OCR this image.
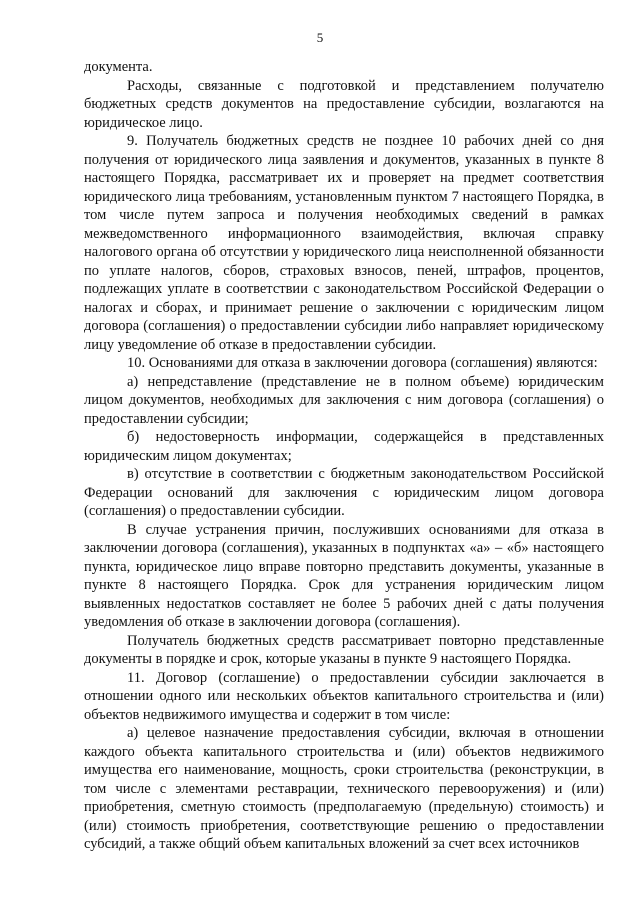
5

документа.

Расходы, связанные с подготовкой и представлением получателю бюджетных средств документов на предоставление субсидии, возлагаются на юридическое лицо.

9. Получатель бюджетных средств не позднее 10 рабочих дней со дня получения от юридического лица заявления и документов, указанных в пункте 8 настоящего Порядка, рассматривает их и проверяет на предмет соответствия юридического лица требованиям, установленным пунктом 7 настоящего Порядка, в том числе путем запроса и получения необходимых сведений в рамках межведомственного информационного взаимодействия, включая справку налогового органа об отсутствии у юридического лица неисполненной обязанности по уплате налогов, сборов, страховых взносов, пеней, штрафов, процентов, подлежащих уплате в соответствии с законодательством Российской Федерации о налогах и сборах, и принимает решение о заключении с юридическим лицом договора (соглашения) о предоставлении субсидии либо направляет юридическому лицу уведомление об отказе в предоставлении субсидии.

10. Основаниями для отказа в заключении договора (соглашения) являются:

а) непредставление (представление не в полном объеме) юридическим лицом документов, необходимых для заключения с ним договора (соглашения) о предоставлении субсидии;

б) недостоверность информации, содержащейся в представленных юридическим лицом документах;

в) отсутствие в соответствии с бюджетным законодательством Российской Федерации оснований для заключения с юридическим лицом договора (соглашения) о предоставлении субсидии.

В случае устранения причин, послуживших основаниями для отказа в заключении договора (соглашения), указанных в подпунктах «а» – «б» настоящего пункта, юридическое лицо вправе повторно представить документы, указанные в пункте 8 настоящего Порядка. Срок для устранения юридическим лицом выявленных недостатков составляет не более 5 рабочих дней с даты получения уведомления об отказе в заключении договора (соглашения).

Получатель бюджетных средств рассматривает повторно представленные документы в порядке и срок, которые указаны в пункте 9 настоящего Порядка.

11. Договор (соглашение) о предоставлении субсидии заключается в отношении одного или нескольких объектов капитального строительства и (или) объектов недвижимого имущества и содержит в том числе:

а) целевое назначение предоставления субсидии, включая в отношении каждого объекта капитального строительства и (или) объектов недвижимого имущества его наименование, мощность, сроки строительства (реконструкции, в том числе с элементами реставрации, технического перевооружения) и (или) приобретения, сметную стоимость (предполагаемую (предельную) стоимость) и (или) стоимость приобретения, соответствующие решению о предоставлении субсидий, а также общий объем капитальных вложений за счет всех источников
